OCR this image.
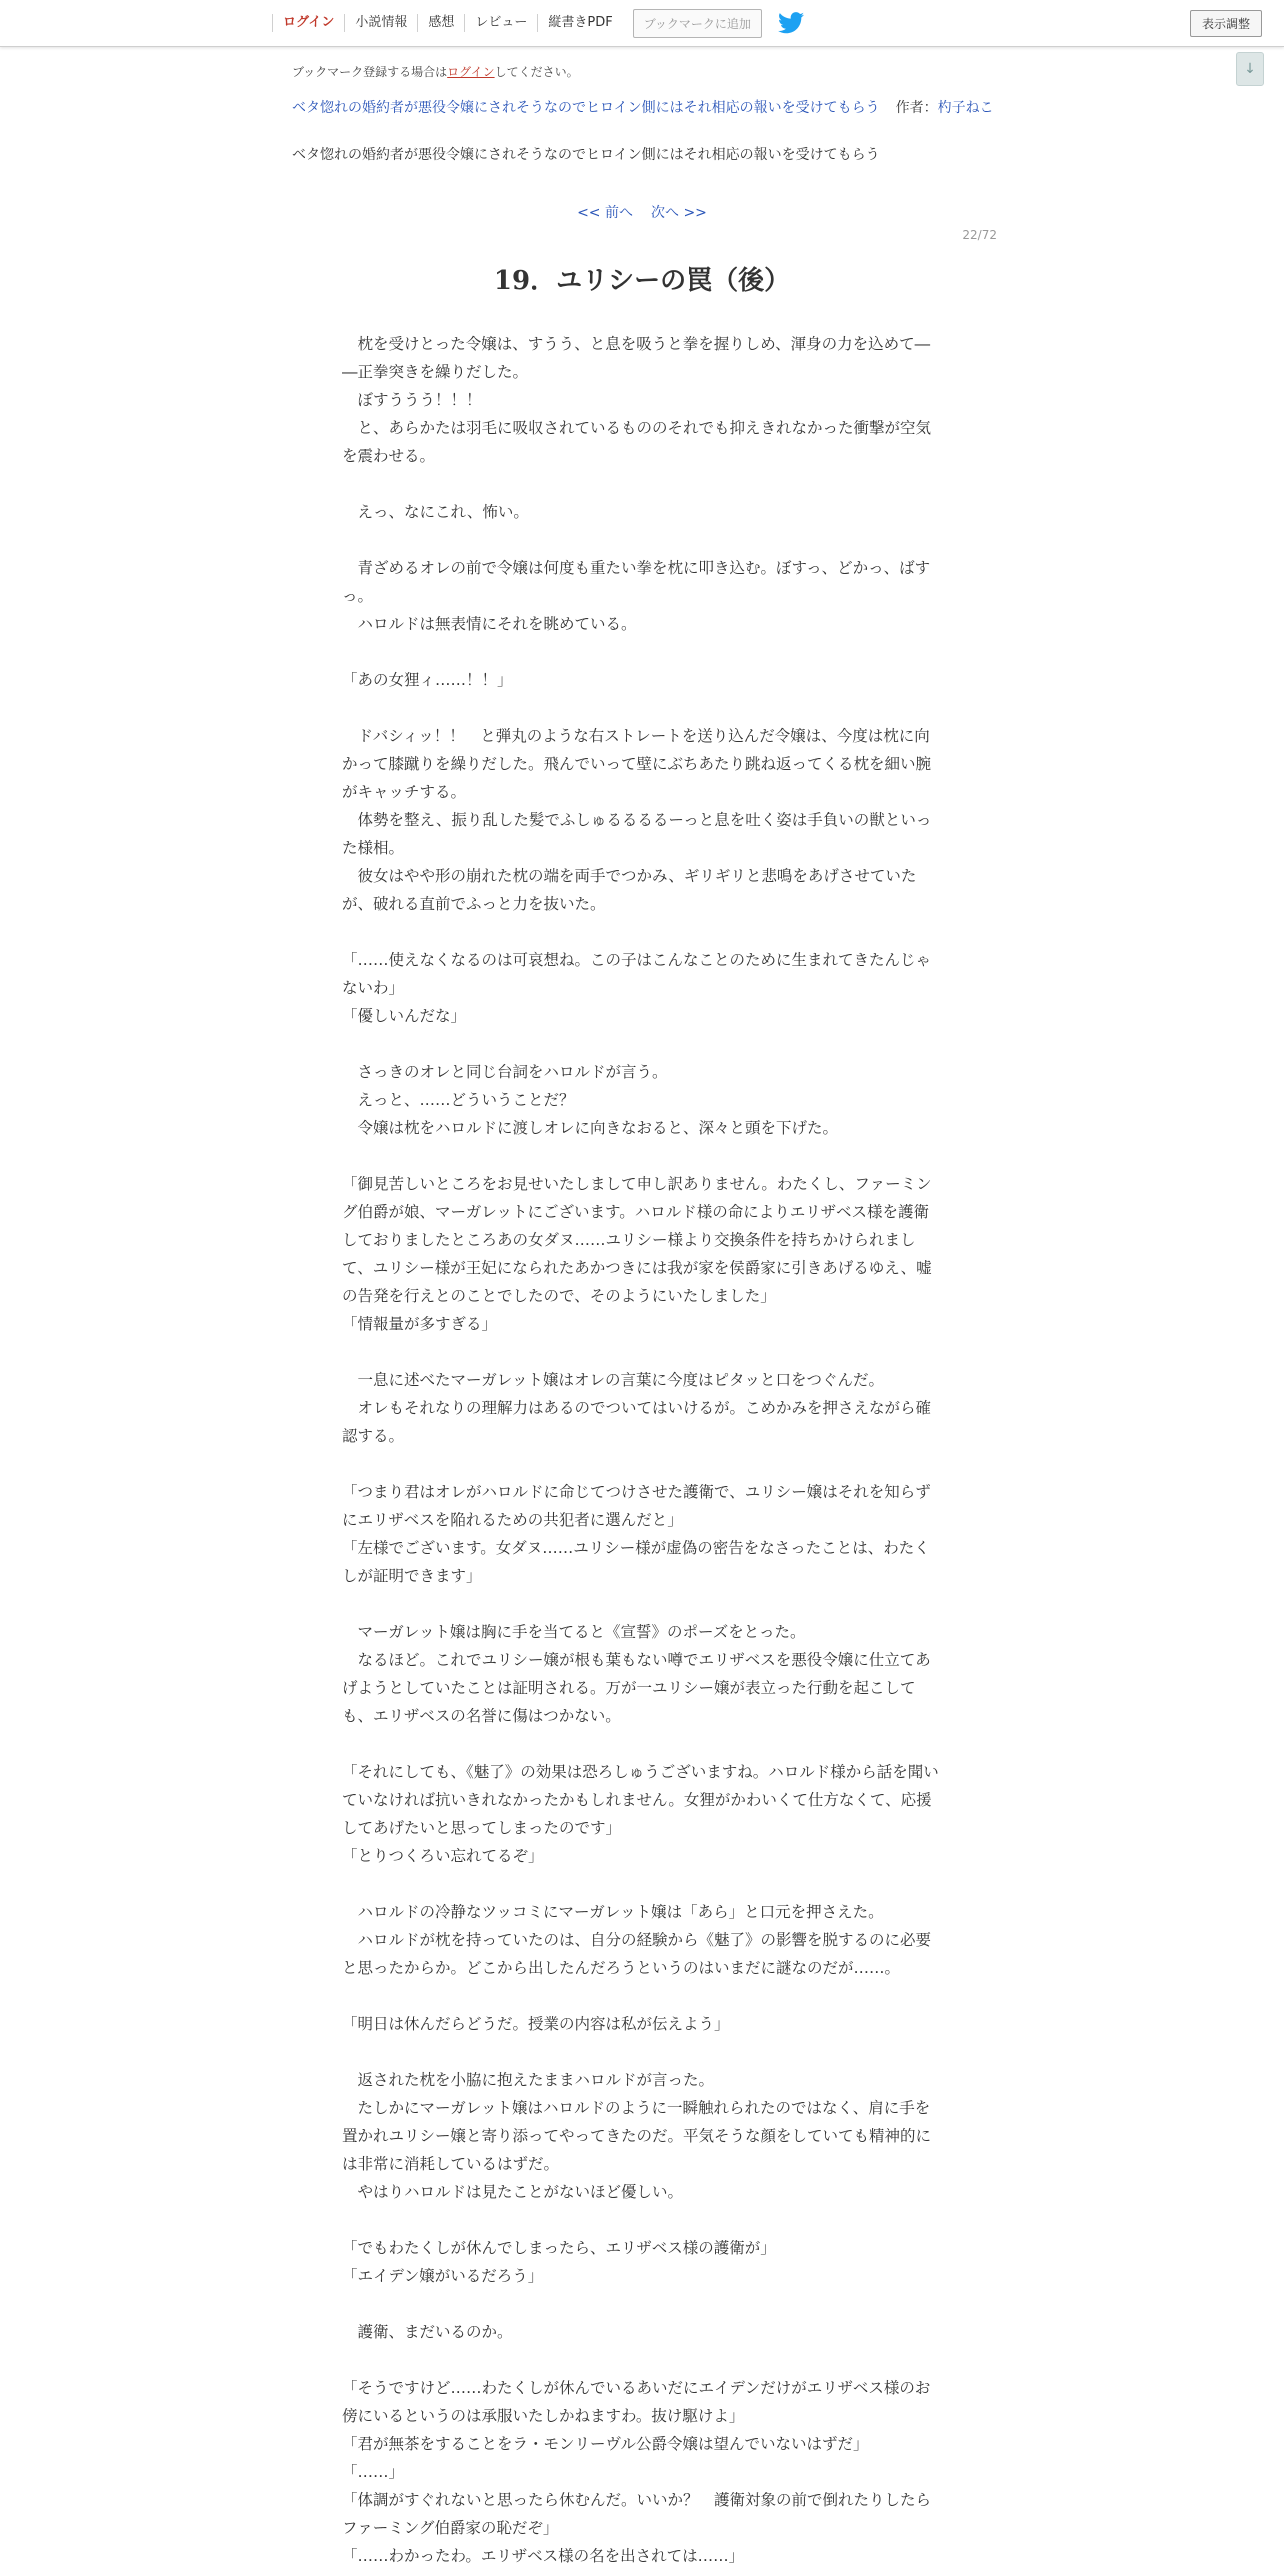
ログイン	小説情報	感想	レビュー	縦書きPDF	ブックマークに追加	表示調整
↓
ブックマーク登録する場合はログインしてください。
ベタ惚れの婚約者が悪役令嬢にされそうなのでヒロイン側にはそれ相応の報いを受けてもらう 作者：杓子ねこ
ベタ惚れの婚約者が悪役令嬢にされそうなのでヒロイン側にはそれ相応の報いを受けてもらう
<< 前へ 次へ >>
22/72
19．ユリシーの罠（後）

　枕を受けとった令嬢は、すうう、と息を吸うと拳を握りしめ、渾身の力を込めて――正拳突きを繰りだした。

　ぼすううう！！！

　と、あらかたは羽毛に吸収されているもののそれでも抑えきれなかった衝撃が空気を震わせる。

　えっ、なにこれ、怖い。

　青ざめるオレの前で令嬢は何度も重たい拳を枕に叩き込む。ぼすっ、どかっ、ばすっ。

　ハロルドは無表情にそれを眺めている。

「あの女狸ィ……！！」

　ドバシィッ！！　と弾丸のような右ストレートを送り込んだ令嬢は、今度は枕に向かって膝蹴りを繰りだした。飛んでいって壁にぶちあたり跳ね返ってくる枕を細い腕がキャッチする。

　体勢を整え、振り乱した髪でふしゅるるるるーっと息を吐く姿は手負いの獣といった様相。

　彼女はやや形の崩れた枕の端を両手でつかみ、ギリギリと悲鳴をあげさせていたが、破れる直前でふっと力を抜いた。

「……使えなくなるのは可哀想ね。この子はこんなことのために生まれてきたんじゃないわ」

「優しいんだな」

　さっきのオレと同じ台詞をハロルドが言う。

　えっと、……どういうことだ？

　令嬢は枕をハロルドに渡しオレに向きなおると、深々と頭を下げた。

「御見苦しいところをお見せいたしまして申し訳ありません。わたくし、ファーミング伯爵が娘、マーガレットにございます。ハロルド様の命によりエリザベス様を護衛しておりましたところあの女ダヌ……ユリシー様より交換条件を持ちかけられまして、ユリシー様が王妃になられたあかつきには我が家を侯爵家に引きあげるゆえ、嘘の告発を行えとのことでしたので、そのようにいたしました」

「情報量が多すぎる」

　一息に述べたマーガレット嬢はオレの言葉に今度はピタッと口をつぐんだ。

　オレもそれなりの理解力はあるのでついてはいけるが。こめかみを押さえながら確認する。

「つまり君はオレがハロルドに命じてつけさせた護衛で、ユリシー嬢はそれを知らずにエリザベスを陥れるための共犯者に選んだと」

「左様でございます。女ダヌ……ユリシー様が虚偽の密告をなさったことは、わたくしが証明できます」

　マーガレット嬢は胸に手を当てると《宣誓》のポーズをとった。

　なるほど。これでユリシー嬢が根も葉もない噂でエリザベスを悪役令嬢に仕立てあげようとしていたことは証明される。万が一ユリシー嬢が表立った行動を起こしても、エリザベスの名誉に傷はつかない。

「それにしても、《魅了》の効果は恐ろしゅうございますね。ハロルド様から話を聞いていなければ抗いきれなかったかもしれません。女狸がかわいくて仕方なくて、応援してあげたいと思ってしまったのです」

「とりつくろい忘れてるぞ」

　ハロルドの冷静なツッコミにマーガレット嬢は「あら」と口元を押さえた。

　ハロルドが枕を持っていたのは、自分の経験から《魅了》の影響を脱するのに必要と思ったからか。どこから出したんだろうというのはいまだに謎なのだが……。

「明日は休んだらどうだ。授業の内容は私が伝えよう」

　返された枕を小脇に抱えたままハロルドが言った。

　たしかにマーガレット嬢はハロルドのように一瞬触れられたのではなく、肩に手を置かれユリシー嬢と寄り添ってやってきたのだ。平気そうな顔をしていても精神的には非常に消耗しているはずだ。

　やはりハロルドは見たことがないほど優しい。

「でもわたくしが休んでしまったら、エリザベス様の護衛が」

「エイデン嬢がいるだろう」

　護衛、まだいるのか。

「そうですけど……わたくしが休んでいるあいだにエイデンだけがエリザベス様のお傍にいるというのは承服いたしかねますわ。抜け駆けよ」

「君が無茶をすることをラ・モンリーヴル公爵令嬢は望んでいないはずだ」

「……」

「体調がすぐれないと思ったら休むんだ。いいか？　護衛対象の前で倒れたりしたらファーミング伯爵家の恥だぞ」

「……わかったわ。エリザベス様の名を出されては……」
